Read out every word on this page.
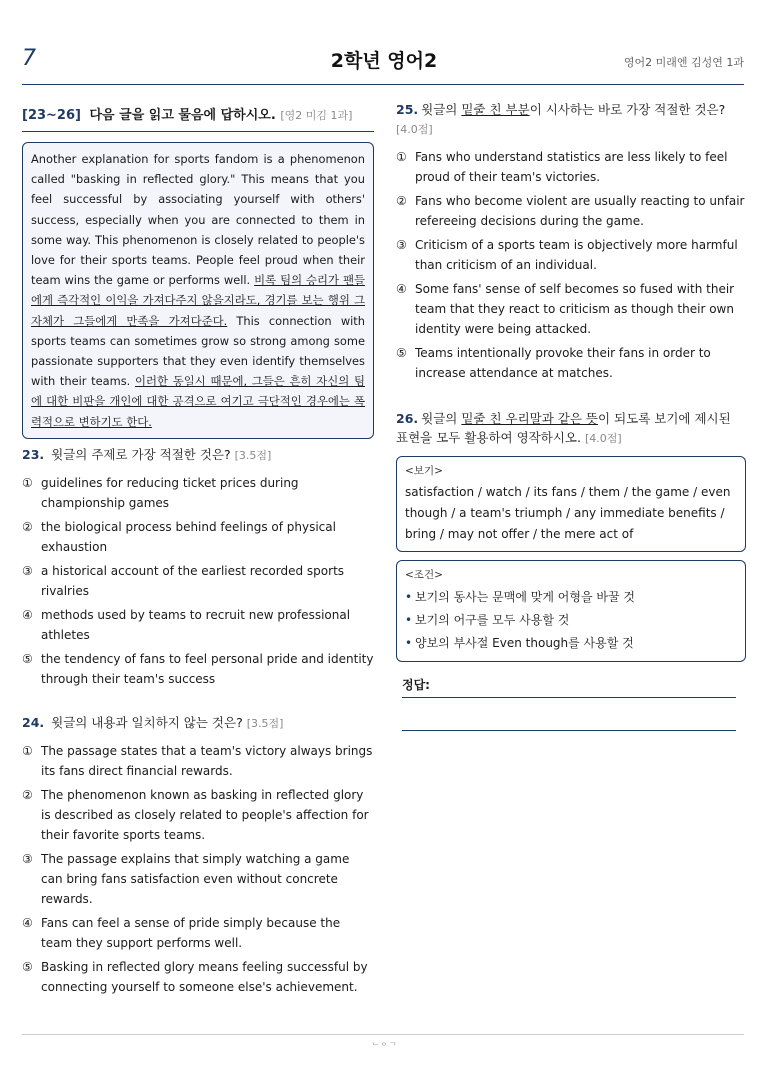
7	2학년 영어2	영어2 미래엔 김성연 1과
[23~26] 다음 글을 읽고 물음에 답하시오. [영2 미김 1과]
Another explanation for sports fandom is a phenomenon called "basking in reflected glory." This means that you feel successful by associating yourself with others' success, especially when you are connected to them in some way. This phenomenon is closely related to people's love for their sports teams. People feel proud when their team wins the game or performs well. 비록 팀의 승리가 팬들에게 즉각적인 이익을 가져다주지 않을지라도, 경기를 보는 행위 그 자체가 그들에게 만족을 가져다준다. This connection with sports teams can sometimes grow so strong among some passionate supporters that they even identify themselves with their teams. 이러한 동일시 때문에, 그들은 흔히 자신의 팀에 대한 비판을 개인에 대한 공격으로 여기고 극단적인 경우에는 폭력적으로 변하기도 한다.
23. 윗글의 주제로 가장 적절한 것은? [3.5점]
① guidelines for reducing ticket prices during championship games
② the biological process behind feelings of physical exhaustion
③ a historical account of the earliest recorded sports rivalries
④ methods used by teams to recruit new professional athletes
⑤ the tendency of fans to feel personal pride and identity through their team's success
24. 윗글의 내용과 일치하지 않는 것은? [3.5점]
① The passage states that a team's victory always brings its fans direct financial rewards.
② The phenomenon known as basking in reflected glory is described as closely related to people's affection for their favorite sports teams.
③ The passage explains that simply watching a game can bring fans satisfaction even without concrete rewards.
④ Fans can feel a sense of pride simply because the team they support performs well.
⑤ Basking in reflected glory means feeling successful by connecting yourself to someone else's achievement.
25. 윗글의 밑줄 친 부분이 시사하는 바로 가장 적절한 것은? [4.0점]
① Fans who understand statistics are less likely to feel proud of their team's victories.
② Fans who become violent are usually reacting to unfair refereeing decisions during the game.
③ Criticism of a sports team is objectively more harmful than criticism of an individual.
④ Some fans' sense of self becomes so fused with their team that they react to criticism as though their own identity were being attacked.
⑤ Teams intentionally provoke their fans in order to increase attendance at matches.
26. 윗글의 밑줄 친 우리말과 같은 뜻이 되도록 보기에 제시된 표현을 모두 활용하여 영작하시오. [4.0점]
<보기>
satisfaction / watch / its fans / them / the game / even though / a team's triumph / any immediate benefits / bring / may not offer / the mere act of
<조건>
• 보기의 동사는 문맥에 맞게 어형을 바꿀 것
• 보기의 어구를 모두 사용할 것
• 양보의 부사절 Even though를 사용할 것
정답:
ᄂᄋᄀ
